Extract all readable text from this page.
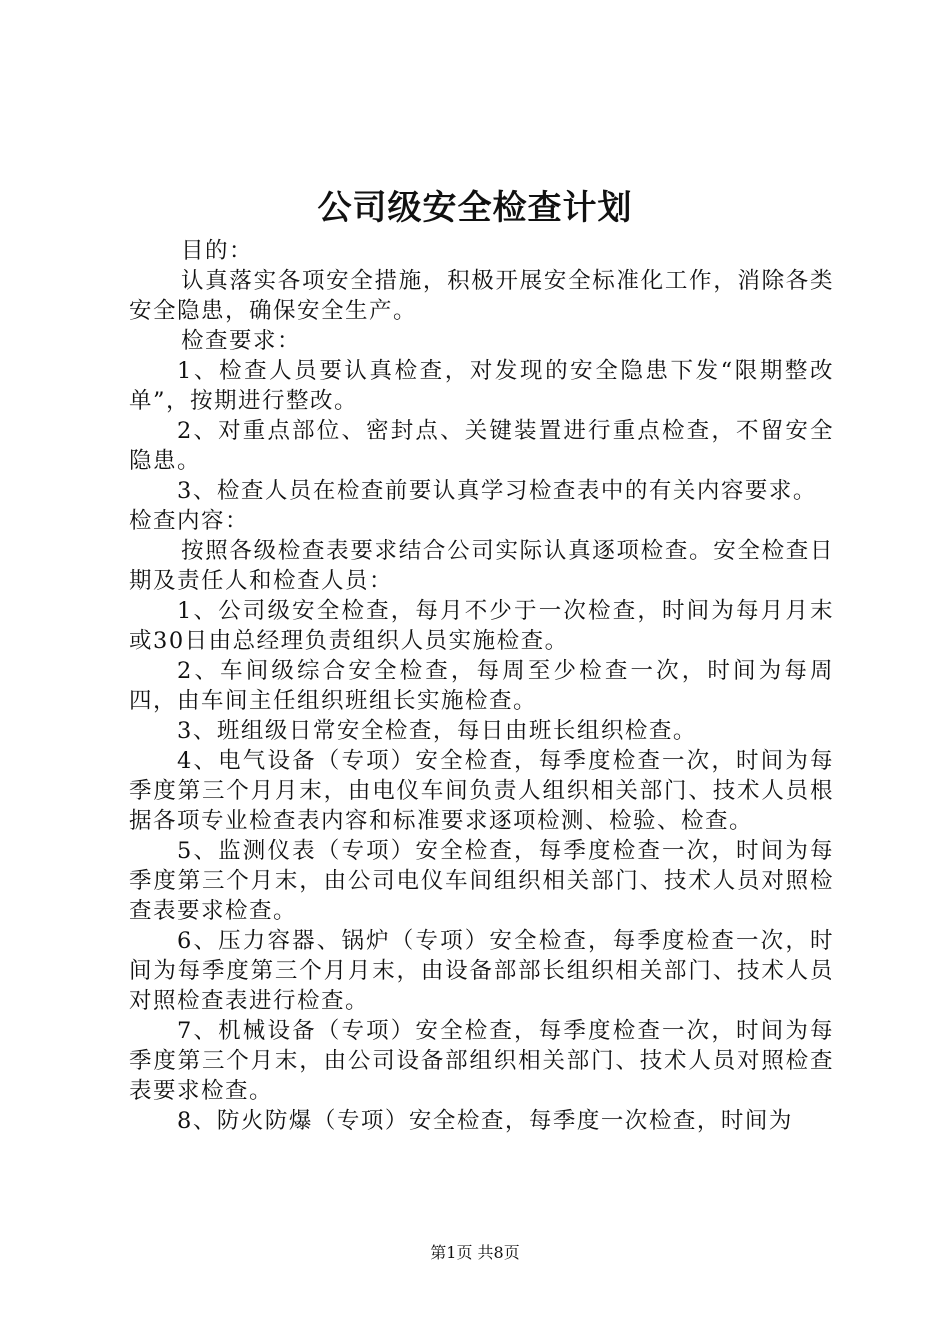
公司级安全检查计划

目的：

认真落实各项安全措施，积极开展安全标准化工作，消除各类安全隐患，确保安全生产。

检查要求：

1、检查人员要认真检查，对发现的安全隐患下发“限期整改单”，按期进行整改。

2、对重点部位、密封点、关键装置进行重点检查，不留安全隐患。

3、检查人员在检查前要认真学习检查表中的有关内容要求。

检查内容：

按照各级检查表要求结合公司实际认真逐项检查。安全检查日期及责任人和检查人员：

1、公司级安全检查，每月不少于一次检查，时间为每月月末或30日由总经理负责组织人员实施检查。

2、车间级综合安全检查，每周至少检查一次，时间为每周四，由车间主任组织班组长实施检查。

3、班组级日常安全检查，每日由班长组织检查。

4、电气设备（专项）安全检查，每季度检查一次，时间为每季度第三个月月末，由电仪车间负责人组织相关部门、技术人员根据各项专业检查表内容和标准要求逐项检测、检验、检查。

5、监测仪表（专项）安全检查，每季度检查一次，时间为每季度第三个月末，由公司电仪车间组织相关部门、技术人员对照检查表要求检查。

6、压力容器、锅炉（专项）安全检查，每季度检查一次，时间为每季度第三个月月末，由设备部部长组织相关部门、技术人员对照检查表进行检查。

7、机械设备（专项）安全检查，每季度检查一次，时间为每季度第三个月末，由公司设备部组织相关部门、技术人员对照检查表要求检查。

8、防火防爆（专项）安全检查，每季度一次检查，时间为

第1页 共8页
